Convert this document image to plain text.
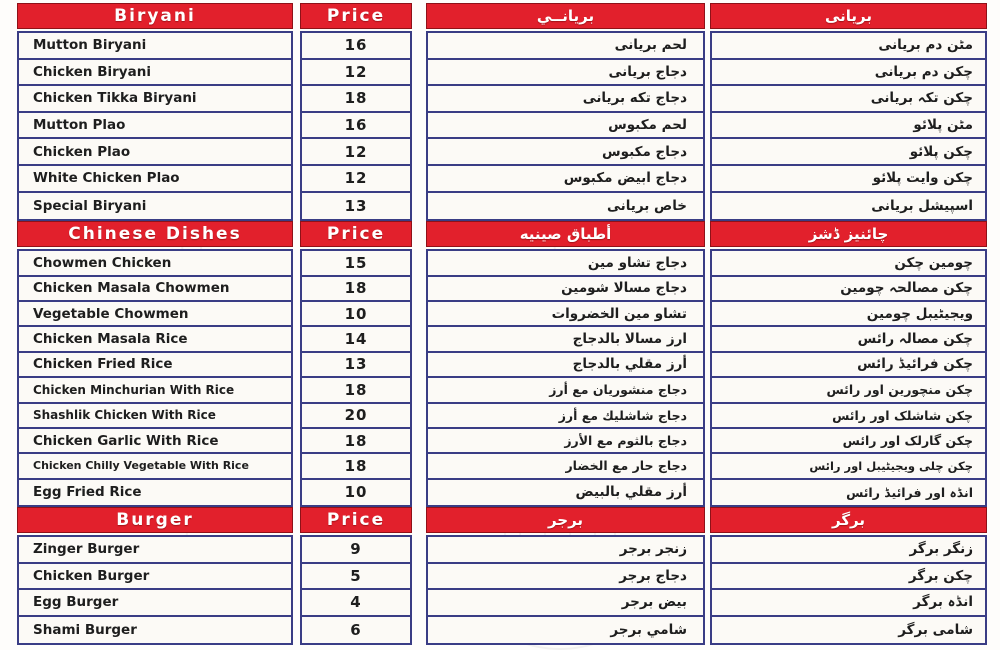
Biryani
Mutton Biryani
Chicken Biryani
Chicken Tikka Biryani
Mutton Plao
Chicken Plao
White Chicken Plao
Special Biryani
Chinese Dishes
Chowmen Chicken
Chicken Masala Chowmen
Vegetable Chowmen
Chicken Masala Rice
Chicken Fried Rice
Chicken Minchurian With Rice
Shashlik Chicken With Rice
Chicken Garlic With Rice
Chicken Chilly Vegetable With Rice
Egg Fried Rice
Burger
Zinger Burger
Chicken Burger
Egg Burger
Shami Burger
Price
16
12
18
16
12
12
13
Price
15
18
10
14
13
18
20
18
18
10
Price
9
5
4
6
بريانــي
لحم بريانى
دجاج بريانى
دجاج تكه بريانى
لحم مكبوس
دجاج مكبوس
دجاج ابيض مكبوس
خاص بريانى
أطباق صينيه
دجاج تشاو مين
دجاج مسالا شومين
تشاو مين الخضروات
ارز مسالا بالدجاج
أرز مقلي بالدجاج
دجاج منشوريان مع أرز
دجاج شاشليك مع أرز
دجاج بالثوم مع الأرز
دجاج حار مع الخضار
أرز مقلي بالبيض
برجر
زنجر برجر
دجاج برجر
بيض برجر
شامي برجر
بریانی
مٹن دم بریانی
چکن دم بریانی
چکن تکہ بریانی
مٹن پلائو
چکن پلائو
چکن وایت پلائو
اسپیشل بریانی
چائنیز ڈشز
چومین چکن
چکن مصالحہ چومین
ویجیٹیبل چومین
چکن مصالہ رائس
چکن فرائیڈ رائس
چکن منچورین اور رائس
چکن شاشلک اور رائس
چکن گارلک اور رائس
چکن چلی ویجیٹیبل اور رائس
انڈہ اور فرائیڈ رائس
برگر
زنگر برگر
چکن برگر
انڈہ برگر
شامی برگر
